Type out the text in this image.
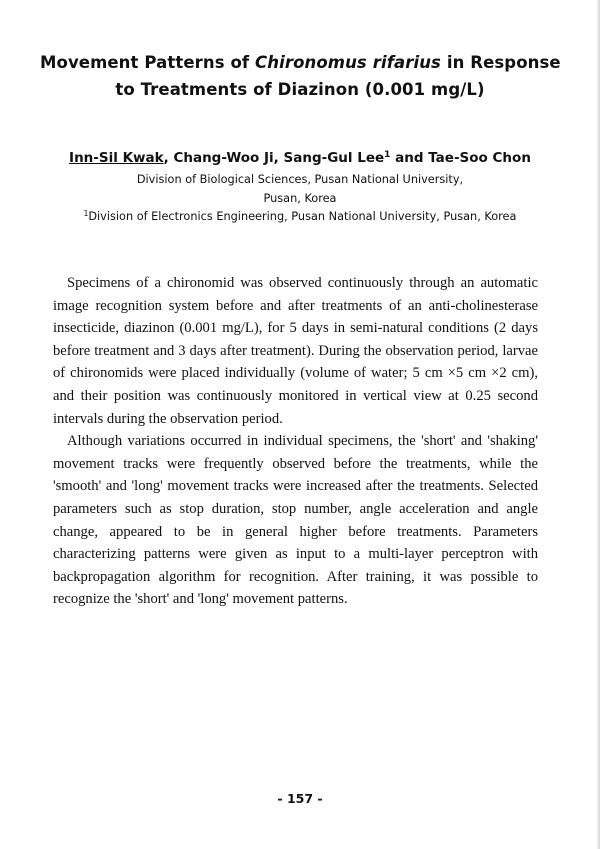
Movement Patterns of Chironomus rifarius in Response
to Treatments of Diazinon (0.001 mg/L)
Inn-Sil Kwak, Chang-Woo Ji, Sang-Gul Lee$^1$ and Tae-Soo Chon
Division of Biological Sciences, Pusan National University,
Pusan, Korea
$^1$Division of Electronics Engineering, Pusan National University, Pusan, Korea

Specimens of a chironomid was observed continuously through an automatic image recognition system before and after treatments of an anti-cholinesterase insecticide, diazinon (0.001 mg/L), for 5 days in semi-natural conditions (2 days before treatment and 3 days after treatment). During the observation period, larvae of chironomids were placed individually (volume of water; 5 cm ×5 cm ×2 cm), and their position was continuously monitored in vertical view at 0.25 second intervals during the observation period.

Although variations occurred in individual specimens, the 'short' and 'shaking' movement tracks were frequently observed before the treatments, while the 'smooth' and 'long' movement tracks were increased after the treatments. Selected parameters such as stop duration, stop number, angle acceleration and angle change, appeared to be in general higher before treatments. Parameters characterizing patterns were given as input to a multi-layer perceptron with backpropagation algorithm for recognition. After training, it was possible to recognize the 'short' and 'long' movement patterns.

- 157 -
